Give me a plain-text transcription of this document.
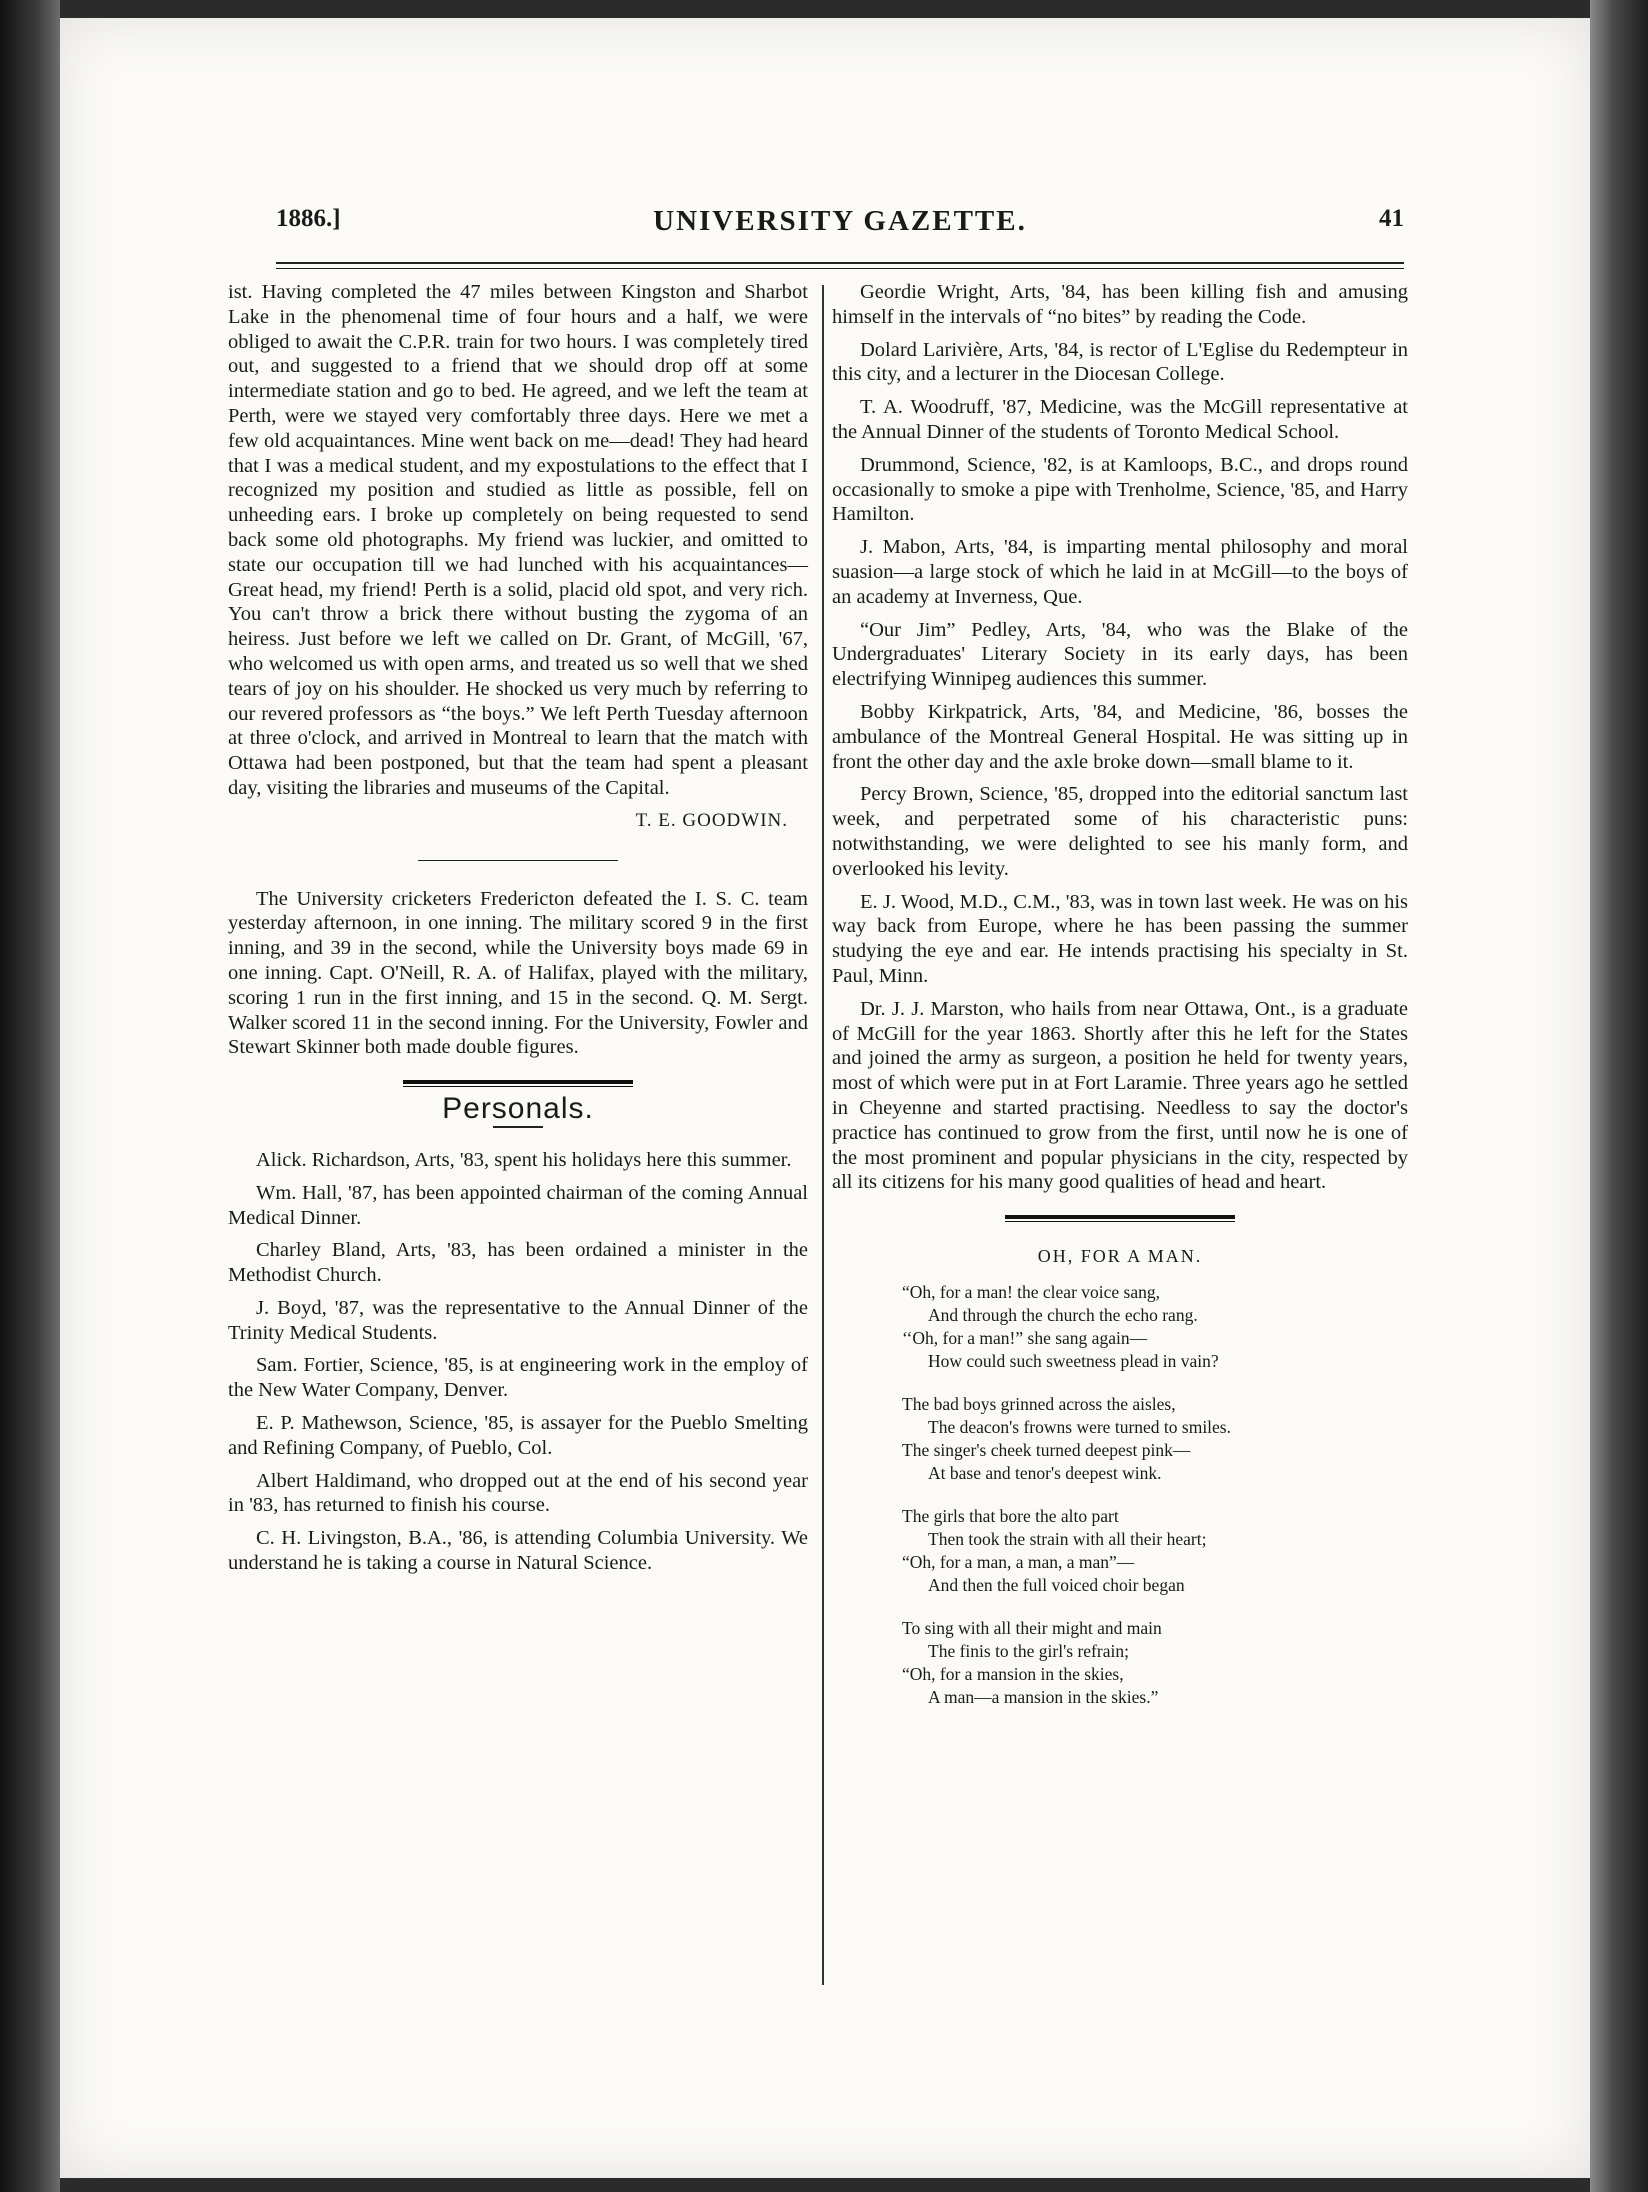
1886.]	UNIVERSITY GAZETTE.	41

ist. Having completed the 47 miles between Kingston and Sharbot Lake in the phenomenal time of four hours and a half, we were obliged to await the C.P.R. train for two hours. I was completely tired out, and suggested to a friend that we should drop off at some intermediate station and go to bed. He agreed, and we left the team at Perth, were we stayed very comfortably three days. Here we met a few old acquaintances. Mine went back on me—dead! They had heard that I was a medical student, and my expostulations to the effect that I recognized my position and studied as little as possible, fell on unheeding ears. I broke up completely on being requested to send back some old photographs. My friend was luckier, and omitted to state our occupation till we had lunched with his acquaintances—Great head, my friend! Perth is a solid, placid old spot, and very rich. You can't throw a brick there without busting the zygoma of an heiress. Just before we left we called on Dr. Grant, of McGill, '67, who welcomed us with open arms, and treated us so well that we shed tears of joy on his shoulder. He shocked us very much by referring to our revered professors as “the boys.” We left Perth Tuesday afternoon at three o'clock, and arrived in Montreal to learn that the match with Ottawa had been postponed, but that the team had spent a pleasant day, visiting the libraries and museums of the Capital.

T. E. GOODWIN.

The University cricketers Fredericton defeated the I. S. C. team yesterday afternoon, in one inning. The military scored 9 in the first inning, and 39 in the second, while the University boys made 69 in one inning. Capt. O'Neill, R. A. of Halifax, played with the military, scoring 1 run in the first inning, and 15 in the second. Q. M. Sergt. Walker scored 11 in the second inning. For the University, Fowler and Stewart Skinner both made double figures.

Personals.

Alick. Richardson, Arts, '83, spent his holidays here this summer.

Wm. Hall, '87, has been appointed chairman of the coming Annual Medical Dinner.

Charley Bland, Arts, '83, has been ordained a minister in the Methodist Church.

J. Boyd, '87, was the representative to the Annual Dinner of the Trinity Medical Students.

Sam. Fortier, Science, '85, is at engineering work in the employ of the New Water Company, Denver.

E. P. Mathewson, Science, '85, is assayer for the Pueblo Smelting and Refining Company, of Pueblo, Col.

Albert Haldimand, who dropped out at the end of his second year in '83, has returned to finish his course.

C. H. Livingston, B.A., '86, is attending Columbia University. We understand he is taking a course in Natural Science.

Geordie Wright, Arts, '84, has been killing fish and amusing himself in the intervals of “no bites” by reading the Code.

Dolard Larivière, Arts, '84, is rector of L'Eglise du Redempteur in this city, and a lecturer in the Diocesan College.

T. A. Woodruff, '87, Medicine, was the McGill representative at the Annual Dinner of the students of Toronto Medical School.

Drummond, Science, '82, is at Kamloops, B.C., and drops round occasionally to smoke a pipe with Trenholme, Science, '85, and Harry Hamilton.

J. Mabon, Arts, '84, is imparting mental philosophy and moral suasion—a large stock of which he laid in at McGill—to the boys of an academy at Inverness, Que.

“Our Jim” Pedley, Arts, '84, who was the Blake of the Undergraduates' Literary Society in its early days, has been electrifying Winnipeg audiences this summer.

Bobby Kirkpatrick, Arts, '84, and Medicine, '86, bosses the ambulance of the Montreal General Hospital. He was sitting up in front the other day and the axle broke down—small blame to it.

Percy Brown, Science, '85, dropped into the editorial sanctum last week, and perpetrated some of his characteristic puns: notwithstanding, we were delighted to see his manly form, and overlooked his levity.

E. J. Wood, M.D., C.M., '83, was in town last week. He was on his way back from Europe, where he has been passing the summer studying the eye and ear. He intends practising his specialty in St. Paul, Minn.

Dr. J. J. Marston, who hails from near Ottawa, Ont., is a graduate of McGill for the year 1863. Shortly after this he left for the States and joined the army as surgeon, a position he held for twenty years, most of which were put in at Fort Laramie. Three years ago he settled in Cheyenne and started practising. Needless to say the doctor's practice has continued to grow from the first, until now he is one of the most prominent and popular physicians in the city, respected by all its citizens for his many good qualities of head and heart.

OH, FOR A MAN.
“Oh, for a man! the clear voice sang,
And through the church the echo rang.
‘‘Oh, for a man!” she sang again—
How could such sweetness plead in vain?
The bad boys grinned across the aisles,
The deacon's frowns were turned to smiles.
The singer's cheek turned deepest pink—
At base and tenor's deepest wink.
The girls that bore the alto part
Then took the strain with all their heart;
“Oh, for a man, a man, a man”—
And then the full voiced choir began
To sing with all their might and main
The finis to the girl's refrain;
“Oh, for a mansion in the skies,
A man—a mansion in the skies.”
